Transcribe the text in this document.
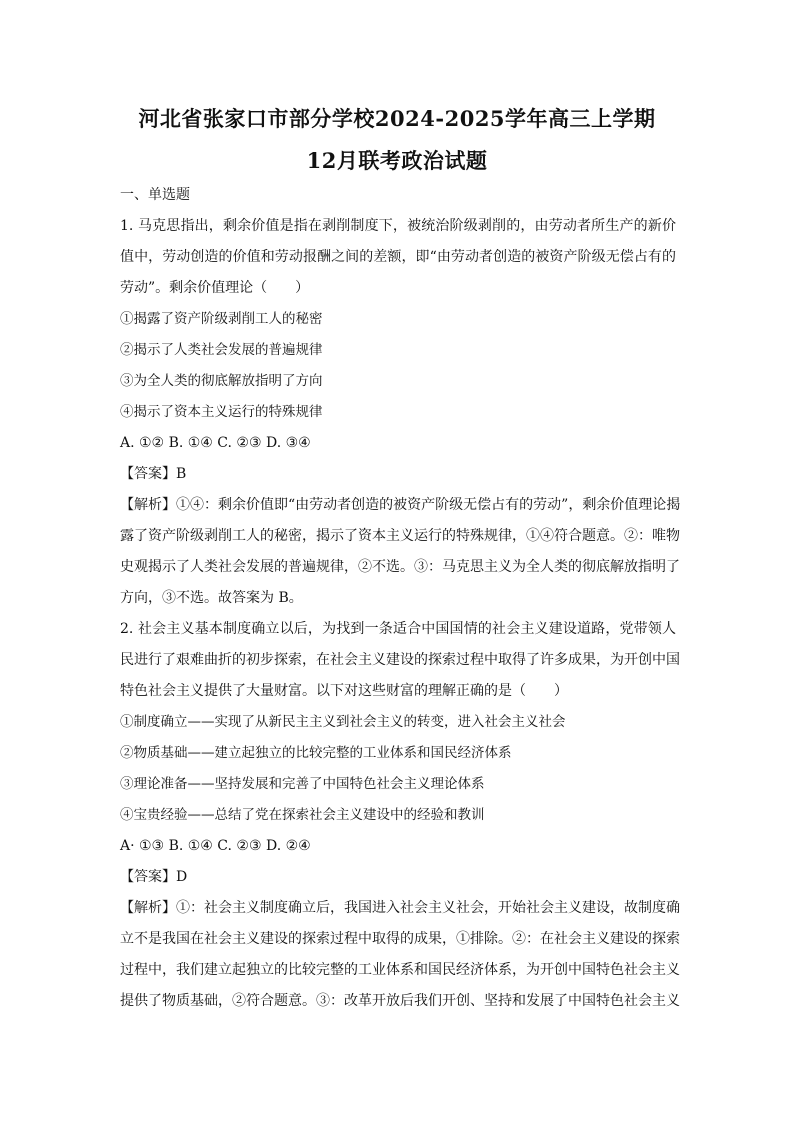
河北省张家口市部分学校2024-2025学年高三上学期
12月联考政治试题
一、单选题
1. 马克思指出，剩余价值是指在剥削制度下，被统治阶级剥削的，由劳动者所生产的新价
值中，劳动创造的价值和劳动报酬之间的差额，即“由劳动者创造的被资产阶级无偿占有的
劳动”。剩余价值理论（　　）
①揭露了资产阶级剥削工人的秘密
②揭示了人类社会发展的普遍规律
③为全人类的彻底解放指明了方向
④揭示了资本主义运行的特殊规律
A. ①② B. ①④ C. ②③ D. ③④
【答案】B
【解析】①④：剩余价值即“由劳动者创造的被资产阶级无偿占有的劳动”，剩余价值理论揭
露了资产阶级剥削工人的秘密，揭示了资本主义运行的特殊规律，①④符合题意。②：唯物
史观揭示了人类社会发展的普遍规律，②不选。③：马克思主义为全人类的彻底解放指明了
方向，③不选。故答案为 B。
2. 社会主义基本制度确立以后，为找到一条适合中国国情的社会主义建设道路，党带领人
民进行了艰难曲折的初步探索，在社会主义建设的探索过程中取得了许多成果，为开创中国
特色社会主义提供了大量财富。以下对这些财富的理解正确的是（　　）
①制度确立——实现了从新民主主义到社会主义的转变，进入社会主义社会
②物质基础——建立起独立的比较完整的工业体系和国民经济体系
③理论准备——坚持发展和完善了中国特色社会主义理论体系
④宝贵经验——总结了党在探索社会主义建设中的经验和教训
A· ①③ B. ①④ C. ②③ D. ②④
【答案】D
【解析】①：社会主义制度确立后，我国进入社会主义社会，开始社会主义建设，故制度确
立不是我国在社会主义建设的探索过程中取得的成果，①排除。②：在社会主义建设的探索
过程中，我们建立起独立的比较完整的工业体系和国民经济体系，为开创中国特色社会主义
提供了物质基础，②符合题意。③：改革开放后我们开创、坚持和发展了中国特色社会主义
